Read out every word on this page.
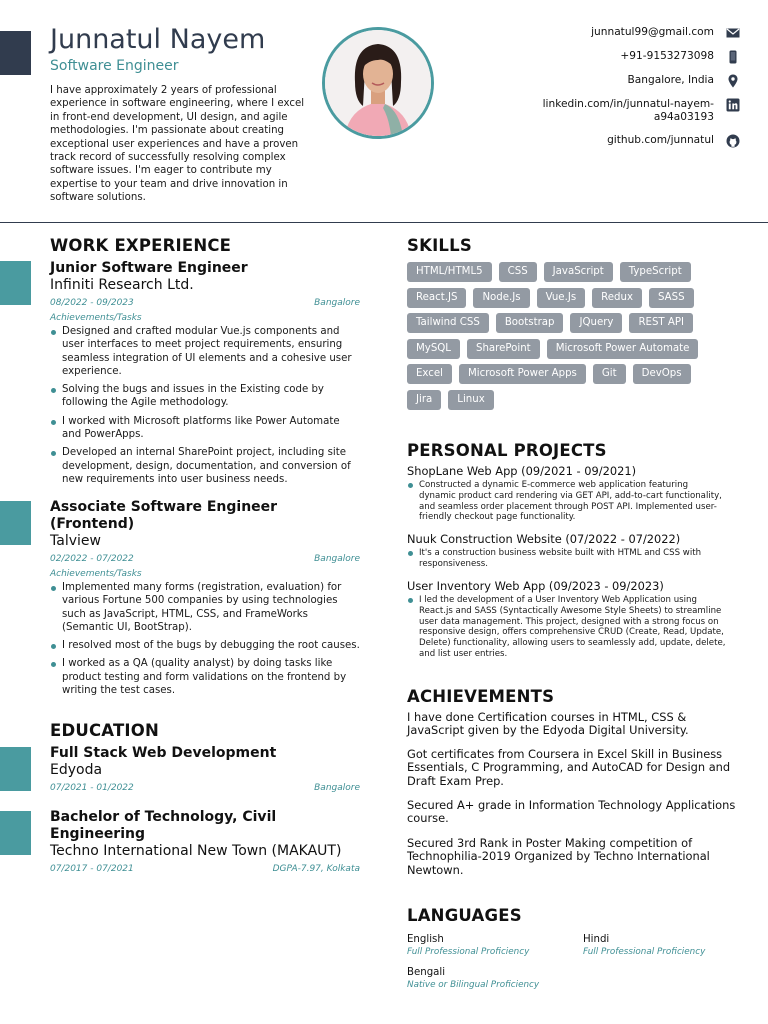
Junnatul Nayem
Software Engineer
I have approximately 2 years of professional experience in software engineering, where I excel in front-end development, UI design, and agile methodologies. I'm passionate about creating exceptional user experiences and have a proven track record of successfully resolving complex software issues. I'm eager to contribute my expertise to your team and drive innovation in software solutions.
junnatul99@gmail.com
+91-9153273098
Bangalore, India
linkedin.com/in/junnatul-nayem-a94a03193
github.com/junnatul
WORK EXPERIENCE
Junior Software Engineer
Infiniti Research Ltd.
08/2022 - 09/2023	Bangalore
Achievements/Tasks
Designed and crafted modular Vue.js components and user interfaces to meet project requirements, ensuring seamless integration of UI elements and a cohesive user experience.
Solving the bugs and issues in the Existing code by following the Agile methodology.
I worked with Microsoft platforms like Power Automate and PowerApps.
Developed an internal SharePoint project, including site development, design, documentation, and conversion of new requirements into user business needs.
Associate Software Engineer (Frontend)
Talview
02/2022 - 07/2022	Bangalore
Achievements/Tasks
Implemented many forms (registration, evaluation) for various Fortune 500 companies by using technologies such as JavaScript, HTML, CSS, and FrameWorks (Semantic UI, BootStrap).
I resolved most of the bugs by debugging the root causes.
I worked as a QA (quality analyst) by doing tasks like product testing and form validations on the frontend by writing the test cases.
EDUCATION
Full Stack Web Development
Edyoda
07/2021 - 01/2022	Bangalore
Bachelor of Technology, Civil Engineering
Techno International New Town (MAKAUT)
07/2017 - 07/2021	DGPA-7.97, Kolkata
SKILLS
HTML/HTML5	CSS	JavaScript	TypeScript
React.JS	Node.Js	Vue.Js	Redux	SASS
Tailwind CSS	Bootstrap	JQuery	REST API
MySQL	SharePoint	Microsoft Power Automate
Excel	Microsoft Power Apps	Git	DevOps
Jira	Linux
PERSONAL PROJECTS
ShopLane Web App (09/2021 - 09/2021)
Constructed a dynamic E-commerce web application featuring dynamic product card rendering via GET API, add-to-cart functionality, and seamless order placement through POST API. Implemented user-friendly checkout page functionality.
Nuuk Construction Website (07/2022 - 07/2022)
It's a construction business website built with HTML and CSS with responsiveness.
User Inventory Web App (09/2023 - 09/2023)
I led the development of a User Inventory Web Application using React.js and SASS (Syntactically Awesome Style Sheets) to streamline user data management. This project, designed with a strong focus on responsive design, offers comprehensive CRUD (Create, Read, Update, Delete) functionality, allowing users to seamlessly add, update, delete, and list user entries.
ACHIEVEMENTS
I have done Certification courses in HTML, CSS & JavaScript given by the Edyoda Digital University.
Got certificates from Coursera in Excel Skill in Business Essentials, C Programming, and AutoCAD for Design and Draft Exam Prep.
Secured A+ grade in Information Technology Applications course.
Secured 3rd Rank in Poster Making competition of Technophilia-2019 Organized by Techno International Newtown.
LANGUAGES
English
Full Professional Proficiency
Hindi
Full Professional Proficiency
Bengali
Native or Bilingual Proficiency
